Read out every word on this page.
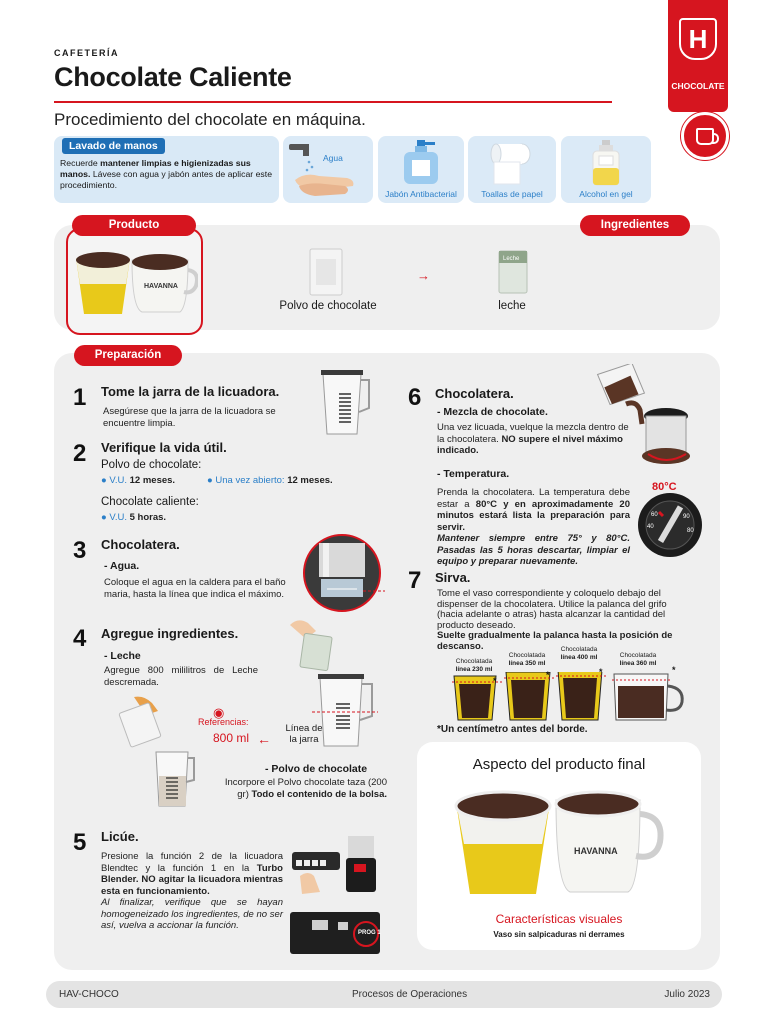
CAFETERÍA
Chocolate Caliente
Procedimiento del chocolate en máquina.
H
CHOCOLATE
Lavado de manos
Recuerde mantener limpias e higienizadas sus manos. Lávese con agua y jabón antes de aplicar este procedimiento.
Agua
Jabón Antibacterial	Toallas de papel	Alcohol en gel
Producto	Ingredientes
HAVANNA
Polvo de chocolate
→
Leche
leche
Preparación
1 Tome la jarra de la licuadora.
Asegúrese que la jarra de la licuadora se encuentre limpia.
2 Verifique la vida útil.
Polvo de chocolate:
● V.U. 12 meses.	● Una vez abierto: 12 meses.
Chocolate caliente:
● V.U. 5 horas.
3 Chocolatera.
- Agua.
Coloque el agua en la caldera para el baño maria, hasta la línea que indica el máximo.
4 Agregue ingredientes.
- Leche
Agregue 800 mililitros de Leche descremada.
◉
Referencias:
800 ml ←
Línea de la jarra
- Polvo de chocolate
Incorpore el Polvo chocolate taza (200 gr) Todo el contenido de la bolsa.
5 Licúe.
Presione la función 2 de la licuadora Blendtec y la función 1 en la Turbo Blender. NO agitar la licuadora mientras esta en funcionamiento.
Al finalizar, verifique que se hayan homogeneizado los ingredientes, de no ser así, vuelva a accionar la función.
PROG 1
6 Chocolatera.
- Mezcla de chocolate.
Una vez licuada, vuelque la mezcla dentro de la chocolatera. NO supere el nivel máximo indicado.
- Temperatura.
Prenda la chocolatera. La temperatura debe estar a 80°C y en aproximadamente 20 minutos estará lista la preparación para servir.
Mantener siempre entre 75° y 80°C. Pasadas las 5 horas descartar, limpiar el equipo y preparar nuevamente.
80°C
40
60	90
80
7 Sirva.
Tome el vaso correspondiente y coloquelo debajo del dispenser de la chocolatera. Utilice la palanca del grifo (hacia adelante o atras) hasta alcanzar la cantidad del producto deseado.
Suelte gradualmente la palanca hasta la posición de descanso.
Chocolatada
línea 230 ml
Chocolatada
línea 350 ml
Chocolatada
línea 400 ml	Chocolatada
línea 360 ml
*
*	*	*
*Un centímetro antes del borde.
Aspecto del producto final
HAVANNA
Características visuales
Vaso sin salpicaduras ni derrames
HAV-CHOCO	Procesos de Operaciones	Julio 2023
